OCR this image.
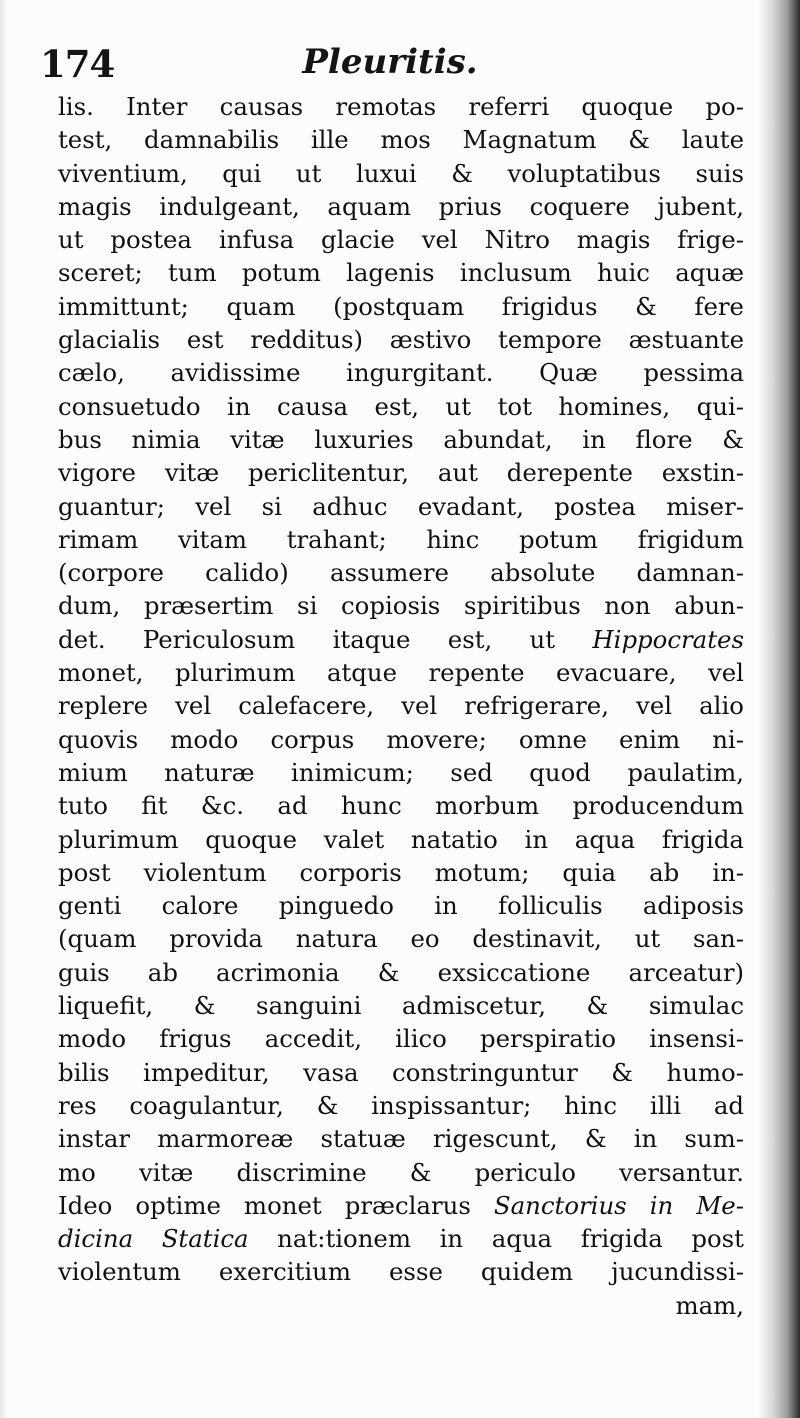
174	Pleuritis.
lis. Inter causas remotas referri quoque po-
test, damnabilis ille mos Magnatum & laute
viventium, qui ut luxui & voluptatibus suis
magis indulgeant, aquam prius coquere jubent,
ut postea infusa glacie vel Nitro magis frige-
sceret; tum potum lagenis inclusum huic aquæ
immittunt; quam (postquam frigidus & fere
glacialis est redditus) æstivo tempore æstuante
cælo, avidissime ingurgitant. Quæ pessima
consuetudo in causa est, ut tot homines, qui-
bus nimia vitæ luxuries abundat, in flore &
vigore vitæ periclitentur, aut derepente exstin-
guantur; vel si adhuc evadant, postea miser-
rimam vitam trahant; hinc potum frigidum
(corpore calido) assumere absolute damnan-
dum, præsertim si copiosis spiritibus non abun-
det. Periculosum itaque est, ut Hippocrates
monet, plurimum atque repente evacuare, vel
replere vel calefacere, vel refrigerare, vel alio
quovis modo corpus movere; omne enim ni-
mium naturæ inimicum; sed quod paulatim,
tuto fit &c. ad hunc morbum producendum
plurimum quoque valet natatio in aqua frigida
post violentum corporis motum; quia ab in-
genti calore pinguedo in folliculis adiposis
(quam provida natura eo destinavit, ut san-
guis ab acrimonia & exsiccatione arceatur)
liquefit, & sanguini admiscetur, & simulac
modo frigus accedit, ilico perspiratio insensi-
bilis impeditur, vasa constringuntur & humo-
res coagulantur, & inspissantur; hinc illi ad
instar marmoreæ statuæ rigescunt, & in sum-
mo vitæ discrimine & periculo versantur.
Ideo optime monet præclarus Sanctorius in Me-
dicina Statica nat:tionem in aqua frigida post
violentum exercitium esse quidem jucundissi-
mam,
